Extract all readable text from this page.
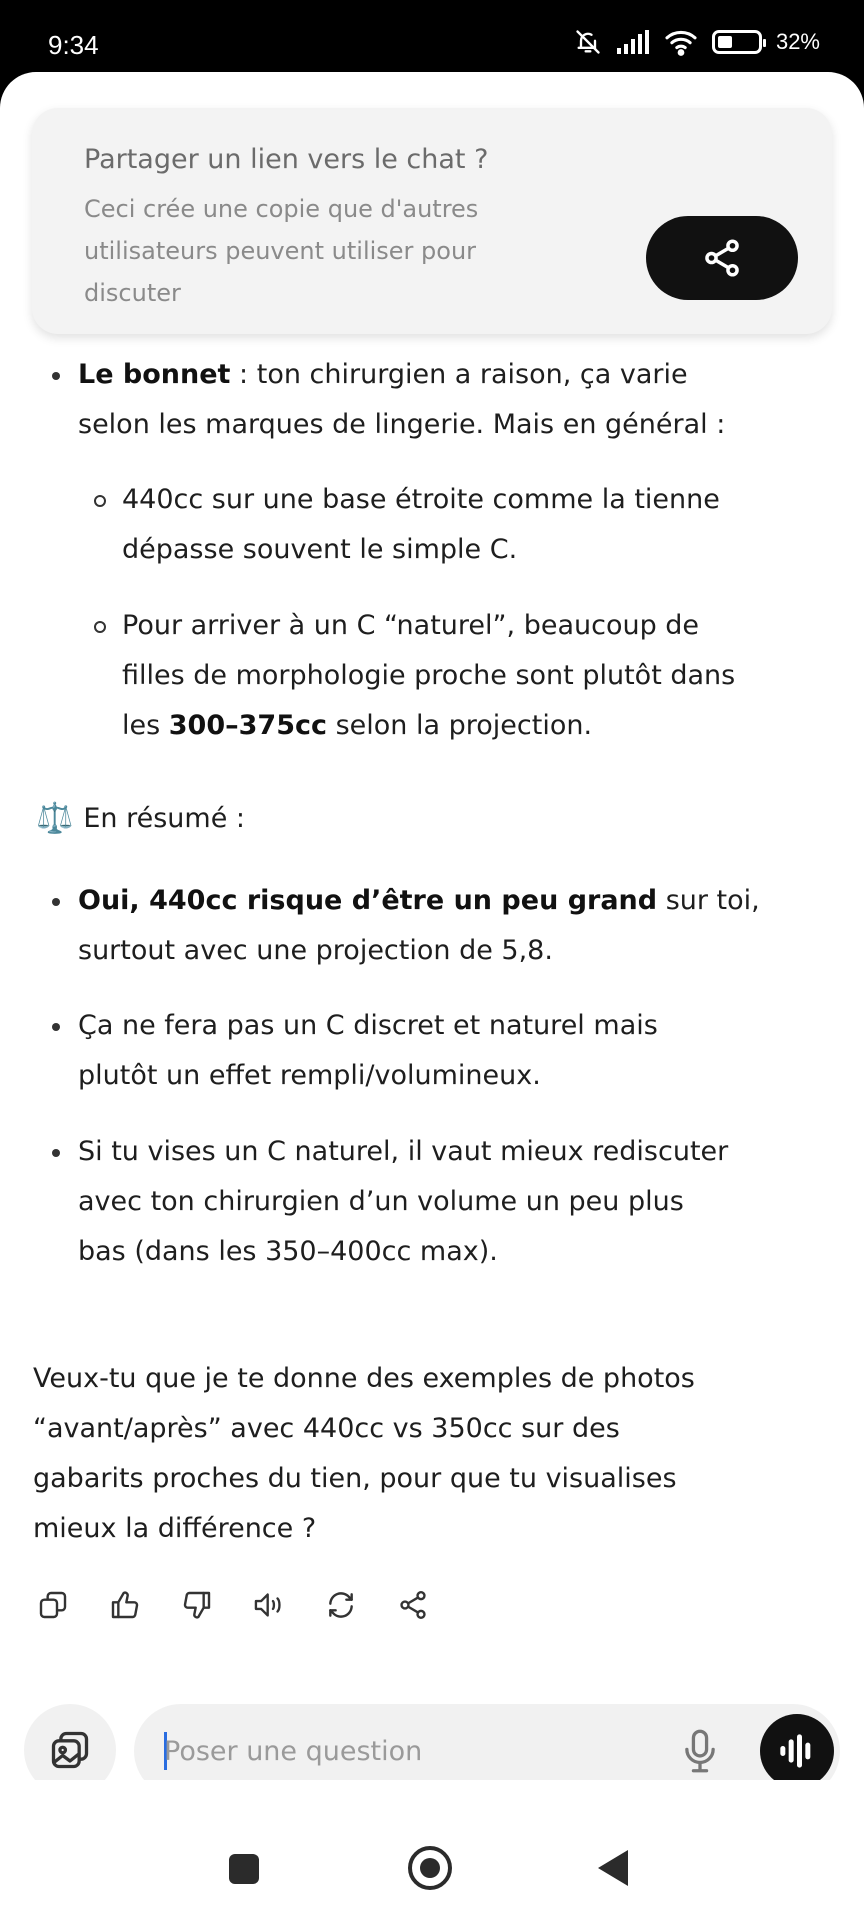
9:34	32%
Le bonnet : ton chirurgien a raison, ça varie
selon les marques de lingerie. Mais en général :
440cc sur une base étroite comme la tienne
dépasse souvent le simple C.
Pour arriver à un C “naturel”, beaucoup de
filles de morphologie proche sont plutôt dans
les 300–375cc selon la projection.
⚖️ En résumé :
Oui, 440cc risque d’être un peu grand sur toi,
surtout avec une projection de 5,8.
Ça ne fera pas un C discret et naturel mais
plutôt un effet rempli/volumineux.
Si tu vises un C naturel, il vaut mieux rediscuter
avec ton chirurgien d’un volume un peu plus
bas (dans les 350–400cc max).
Veux-tu que je te donne des exemples de photos
“avant/après” avec 440cc vs 350cc sur des
gabarits proches du tien, pour que tu visualises
mieux la différence ?
Partager un lien vers le chat ?
Ceci crée une copie que d'autres utilisateurs peuvent utiliser pour discuter
Poser une question
